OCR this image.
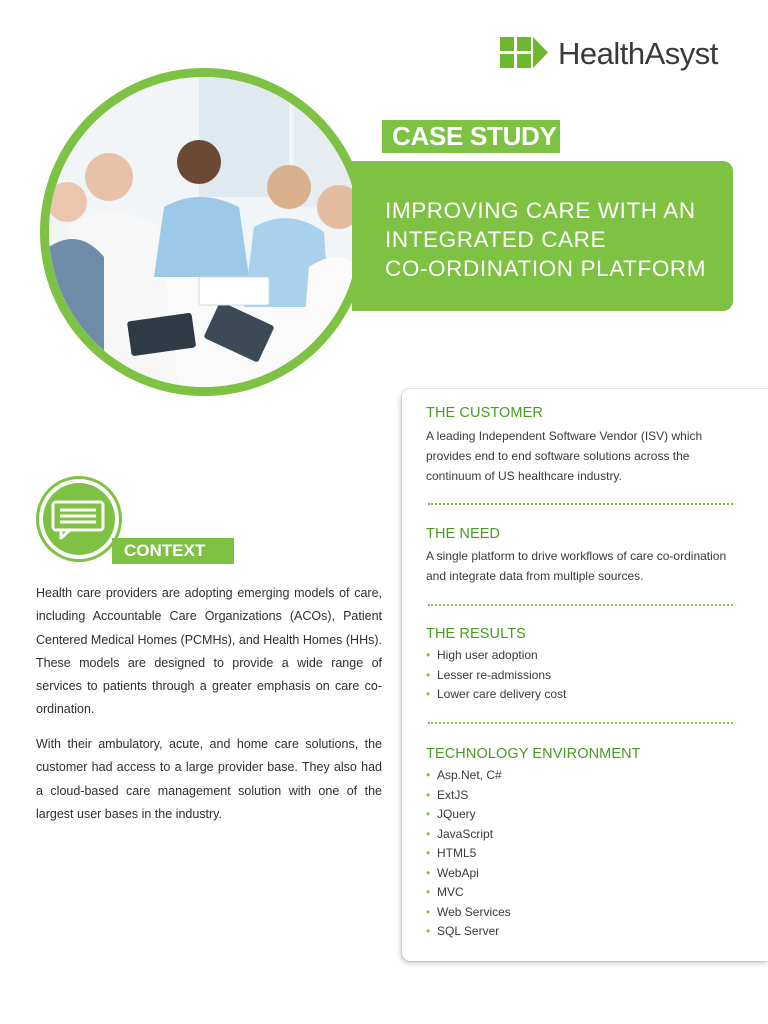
HealthAsyst
CASE STUDY
IMPROVING CARE WITH AN
INTEGRATED CARE
CO-ORDINATION PLATFORM
THE CUSTOMER
A leading Independent Software Vendor (ISV) which provides end to end software solutions across the continuum of US healthcare industry.
THE NEED
A single platform to drive workflows of care co-ordination and integrate data from multiple sources.
THE RESULTS
• High user adoption
• Lesser re-admissions
• Lower care delivery cost
TECHNOLOGY ENVIRONMENT
• Asp.Net, C#
• ExtJS
• JQuery
• JavaScript
• HTML5
• WebApi
• MVC
• Web Services
• SQL Server
CONTEXT
Health care providers are adopting emerging models of care, including Accountable Care Organizations (ACOs), Patient Centered Medical Homes (PCMHs), and Health Homes (HHs). These models are designed to provide a wide range of services to patients through a greater emphasis on care co-ordination.
With their ambulatory, acute, and home care solutions, the customer had access to a large provider base. They also had a cloud-based care management solution with one of the largest user bases in the industry.
